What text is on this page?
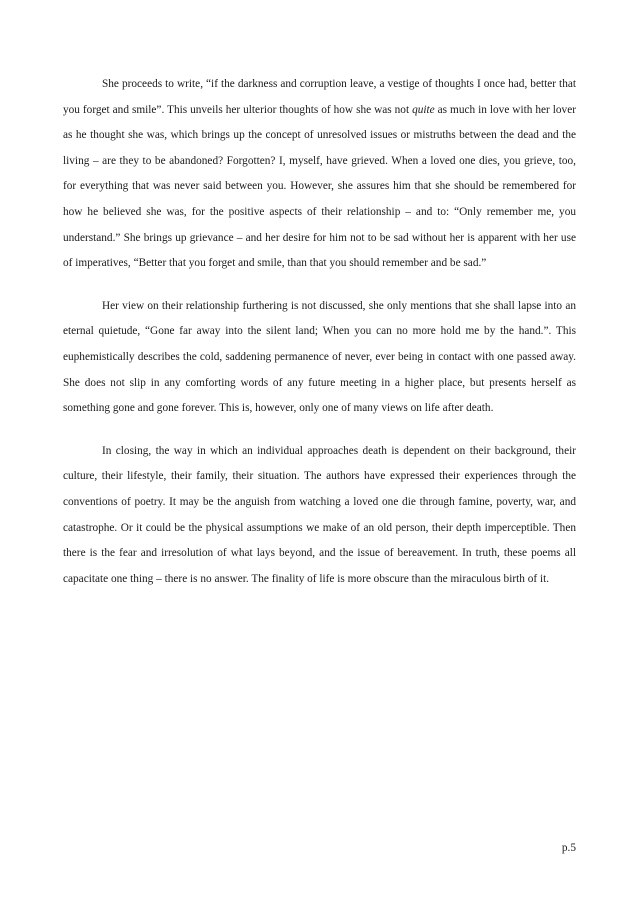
She proceeds to write, “if the darkness and corruption leave, a vestige of thoughts I once had, better that you forget and smile”. This unveils her ulterior thoughts of how she was not quite as much in love with her lover as he thought she was, which brings up the concept of unresolved issues or mistruths between the dead and the living – are they to be abandoned? Forgotten? I, myself, have grieved. When a loved one dies, you grieve, too, for everything that was never said between you. However, she assures him that she should be remembered for how he believed she was, for the positive aspects of their relationship – and to: “Only remember me, you understand.” She brings up grievance – and her desire for him not to be sad without her is apparent with her use of imperatives, “Better that you forget and smile, than that you should remember and be sad.”

Her view on their relationship furthering is not discussed, she only mentions that she shall lapse into an eternal quietude, “Gone far away into the silent land; When you can no more hold me by the hand.”. This euphemistically describes the cold, saddening permanence of never, ever being in contact with one passed away. She does not slip in any comforting words of any future meeting in a higher place, but presents herself as something gone and gone forever. This is, however, only one of many views on life after death.

In closing, the way in which an individual approaches death is dependent on their background, their culture, their lifestyle, their family, their situation. The authors have expressed their experiences through the conventions of poetry. It may be the anguish from watching a loved one die through famine, poverty, war, and catastrophe. Or it could be the physical assumptions we make of an old person, their depth imperceptible. Then there is the fear and irresolution of what lays beyond, and the issue of bereavement. In truth, these poems all capacitate one thing – there is no answer. The finality of life is more obscure than the miraculous birth of it.

p.5
